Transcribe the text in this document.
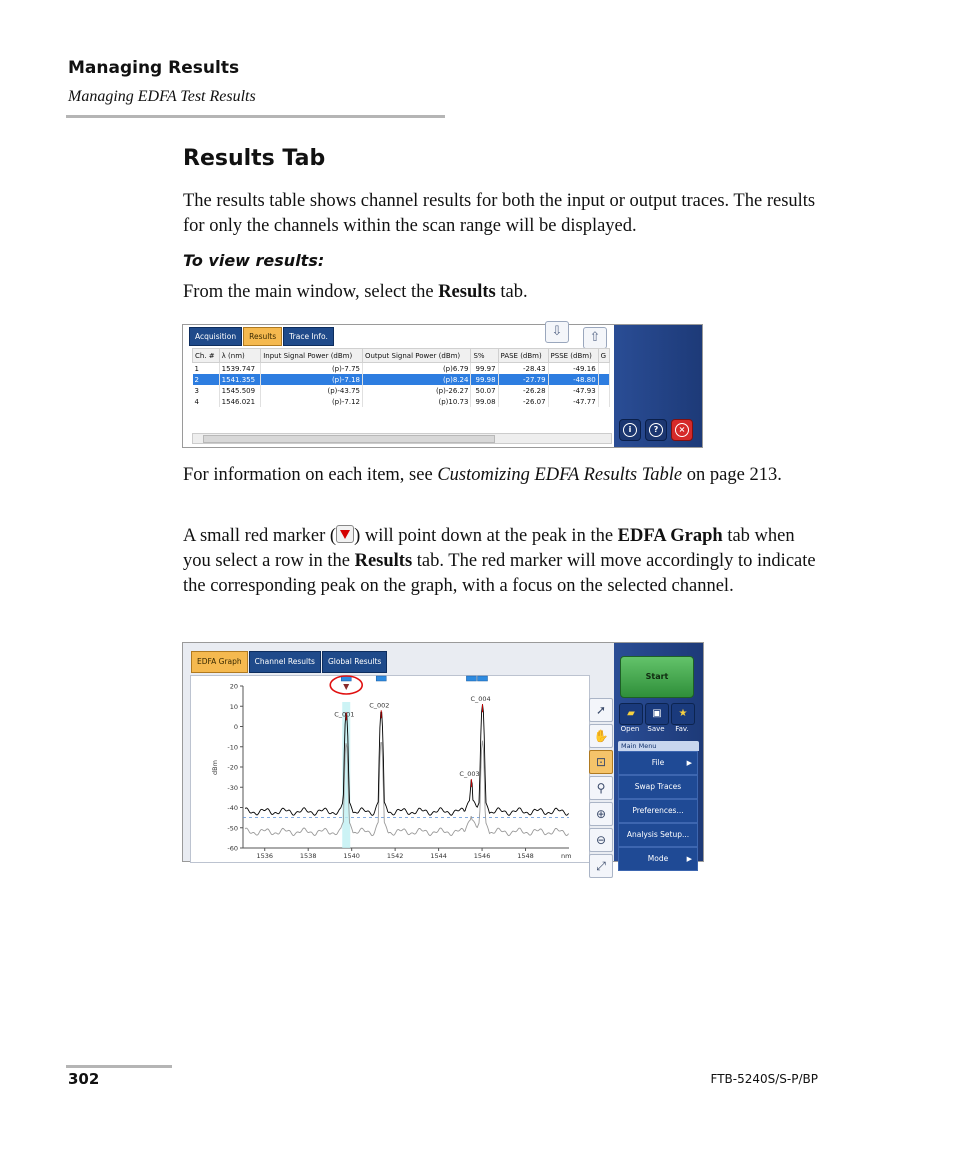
Managing Results
Managing EDFA Test Results
Results Tab
The results table shows channel results for both the input or output traces. The results for only the channels within the scan range will be displayed.
To view results:
From the main window, select the Results tab.
Acquisition	Results	Trace Info.	⇩	⇧
Ch. #	λ (nm)	Input Signal Power (dBm)	Output Signal Power (dBm)	S%	PASE (dBm)	PSSE (dBm)	G
1	1539.747	(p)-7.75	(p)6.79	99.97	-28.43	-49.16	
2	1541.355	(p)-7.18	(p)8.24	99.98	-27.79	-48.80	
3	1545.509	(p)-43.75	(p)-26.27	50.07	-26.28	-47.93	
4	1546.021	(p)-7.12	(p)10.73	99.08	-26.07	-47.77	
i	?	×
For information on each item, see Customizing EDFA Results Table on page 213.
A small red marker ( ) will point down at the peak in the EDFA Graph tab when you select a row in the Results tab. The red marker will move accordingly to indicate the corresponding peak on the graph, with a focus on the selected channel.
EDFA Graph	Channel Results	Global Results
20
10
0
-10
-20
-30
-40
-50
-60
1536	1538	1540	1542	1544	1546	1548	nm
dBm
C_001
C_002
C_003
C_004
➚
✋
⊡
⚲
⊕
⊖
⤢
Start
▰	▣	★
Open	Save	Fav.
Main Menu
File	▶
Swap Traces
Preferences...
Analysis Setup...
Mode	▶
302	FTB-5240S/S-P/BP
